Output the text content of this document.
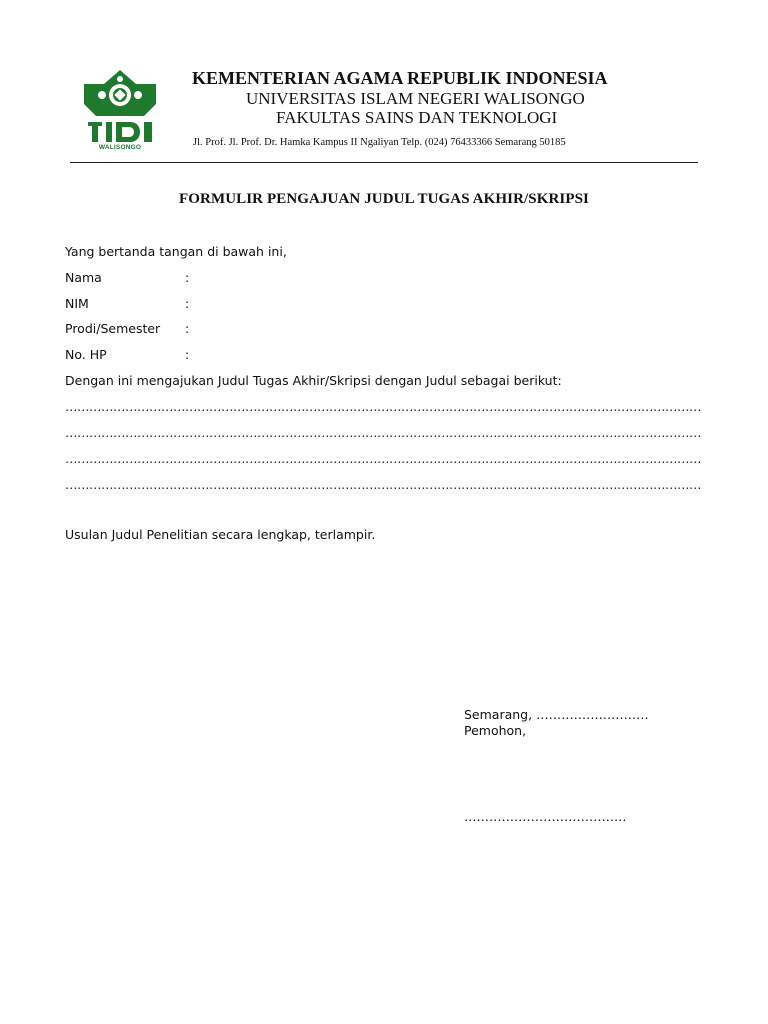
WALISONGO
KEMENTERIAN AGAMA REPUBLIK INDONESIA
UNIVERSITAS ISLAM NEGERI WALISONGO
FAKULTAS SAINS DAN TEKNOLOGI
Jl. Prof. Jl. Prof. Dr. Hamka Kampus II Ngaliyan Telp. (024) 76433366 Semarang 50185
FORMULIR PENGAJUAN JUDUL TUGAS AKHIR/SKRIPSI
Yang bertanda tangan di bawah ini,
Nama	:
NIM	:
Prodi/Semester :
No. HP	:
Dengan ini mengajukan Judul Tugas Akhir/Skripsi dengan Judul sebagai berikut:
……………………………………………………………………………………………………………………………………………
……………………………………………………………………………………………………………………………………………
……………………………………………………………………………………………………………………………………………
……………………………………………………………………………………………………………………………………………
Usulan Judul Penelitian secara lengkap, terlampir.
Semarang, ………………………
Pemohon,
…………………………………
